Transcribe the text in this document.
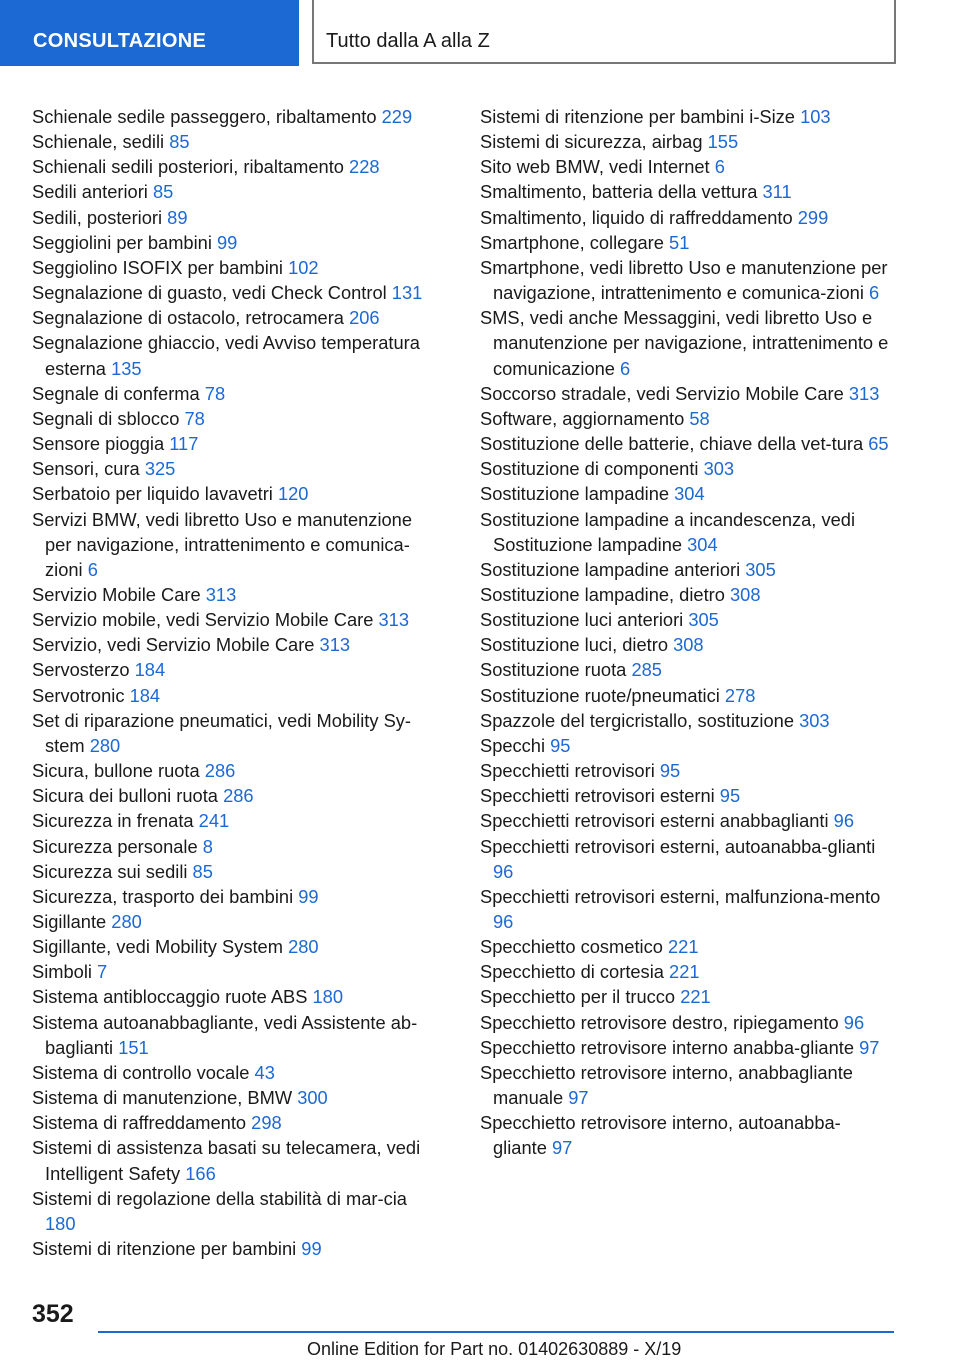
CONSULTAZIONE	Tutto dalla A alla Z
Schienale sedile passeggero, ribaltamento 229
Schienale, sedili 85
Schienali sedili posteriori, ribaltamento 228
Sedili anteriori 85
Sedili, posteriori 89
Seggiolini per bambini 99
Seggiolino ISOFIX per bambini 102
Segnalazione di guasto, vedi Check Control 131
Segnalazione di ostacolo, retrocamera 206
Segnalazione ghiaccio, vedi Avviso temperatura esterna 135
Segnale di conferma 78
Segnali di sblocco 78
Sensore pioggia 117
Sensori, cura 325
Serbatoio per liquido lavavetri 120
Servizi BMW, vedi libretto Uso e manutenzione per navigazione, intrattenimento e comunica-zioni 6
Servizio Mobile Care 313
Servizio mobile, vedi Servizio Mobile Care 313
Servizio, vedi Servizio Mobile Care 313
Servosterzo 184
Servotronic 184
Set di riparazione pneumatici, vedi Mobility Sy-stem 280
Sicura, bullone ruota 286
Sicura dei bulloni ruota 286
Sicurezza in frenata 241
Sicurezza personale 8
Sicurezza sui sedili 85
Sicurezza, trasporto dei bambini 99
Sigillante 280
Sigillante, vedi Mobility System 280
Simboli 7
Sistema antibloccaggio ruote ABS 180
Sistema autoanabbagliante, vedi Assistente ab-baglianti 151
Sistema di controllo vocale 43
Sistema di manutenzione, BMW 300
Sistema di raffreddamento 298
Sistemi di assistenza basati su telecamera, vedi Intelligent Safety 166
Sistemi di regolazione della stabilità di mar-cia 180
Sistemi di ritenzione per bambini 99
Sistemi di ritenzione per bambini i-Size 103
Sistemi di sicurezza, airbag 155
Sito web BMW, vedi Internet 6
Smaltimento, batteria della vettura 311
Smaltimento, liquido di raffreddamento 299
Smartphone, collegare 51
Smartphone, vedi libretto Uso e manutenzione per navigazione, intrattenimento e comunica-zioni 6
SMS, vedi anche Messaggini, vedi libretto Uso e manutenzione per navigazione, intrattenimento e comunicazione 6
Soccorso stradale, vedi Servizio Mobile Care 313
Software, aggiornamento 58
Sostituzione delle batterie, chiave della vet-tura 65
Sostituzione di componenti 303
Sostituzione lampadine 304
Sostituzione lampadine a incandescenza, vedi Sostituzione lampadine 304
Sostituzione lampadine anteriori 305
Sostituzione lampadine, dietro 308
Sostituzione luci anteriori 305
Sostituzione luci, dietro 308
Sostituzione ruota 285
Sostituzione ruote/pneumatici 278
Spazzole del tergicristallo, sostituzione 303
Specchi 95
Specchietti retrovisori 95
Specchietti retrovisori esterni 95
Specchietti retrovisori esterni anabbaglianti 96
Specchietti retrovisori esterni, autoanabba-glianti 96
Specchietti retrovisori esterni, malfunziona-mento 96
Specchietto cosmetico 221
Specchietto di cortesia 221
Specchietto per il trucco 221
Specchietto retrovisore destro, ripiegamento 96
Specchietto retrovisore interno anabba-gliante 97
Specchietto retrovisore interno, anabbagliante manuale 97
Specchietto retrovisore interno, autoanabba-gliante 97
352
Online Edition for Part no. 01402630889 - X/19
